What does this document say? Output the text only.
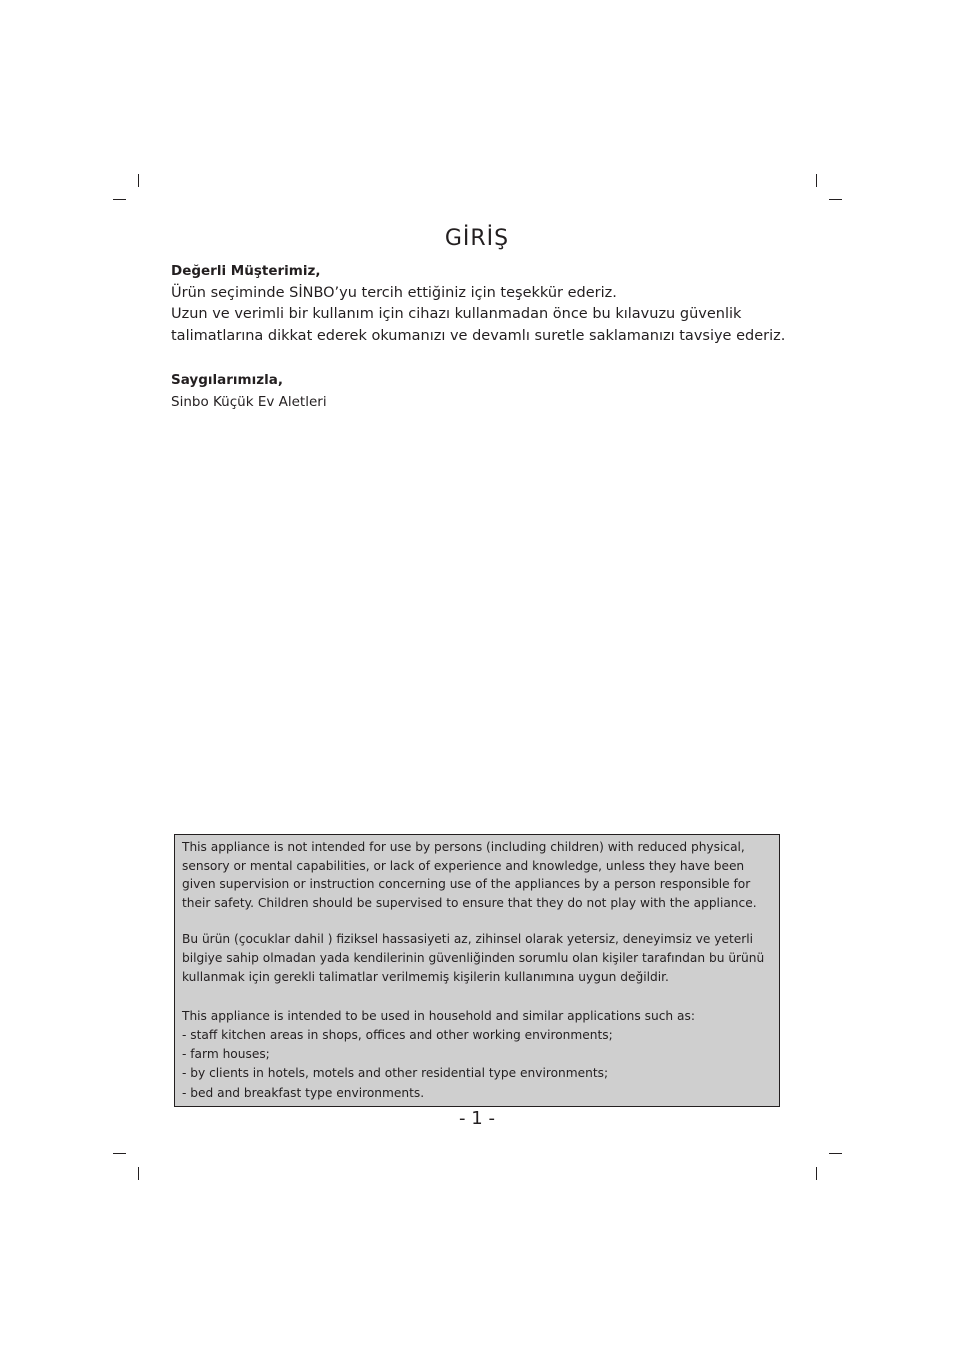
GİRİŞ

Değerli Müşterimiz,

Ürün seçiminde SİNBO’yu tercih ettiğiniz için teşekkür ederiz.

Uzun ve verimli bir kullanım için cihazı kullanmadan önce bu kılavuzu güvenlik talimatlarına dikkat ederek okumanızı ve devamlı suretle saklamanızı tavsiye ederiz.

Saygılarımızla,
Sinbo Küçük Ev Aletleri

This appliance is not intended for use by persons (including children) with reduced physical, sensory or mental capabilities, or lack of experience and knowledge, unless they have been given supervision or instruction concerning use of the appliances by a person responsible for their safety. Children should be supervised to ensure that they do not play with the appliance.

Bu ürün (çocuklar dahil ) fiziksel hassasiyeti az, zihinsel olarak yetersiz, deneyimsiz ve yeterli bilgiye sahip olmadan yada kendilerinin güvenliğinden sorumlu olan kişiler tarafından bu ürünü kullanmak için gerekli talimatlar verilmemiş kişilerin kullanımına uygun değildir.

This appliance is intended to be used in household and similar applications such as:

- staff kitchen areas in shops, offices and other working environments;

- farm houses;

- by clients in hotels, motels and other residential type environments;

- bed and breakfast type environments.

- 1 -
